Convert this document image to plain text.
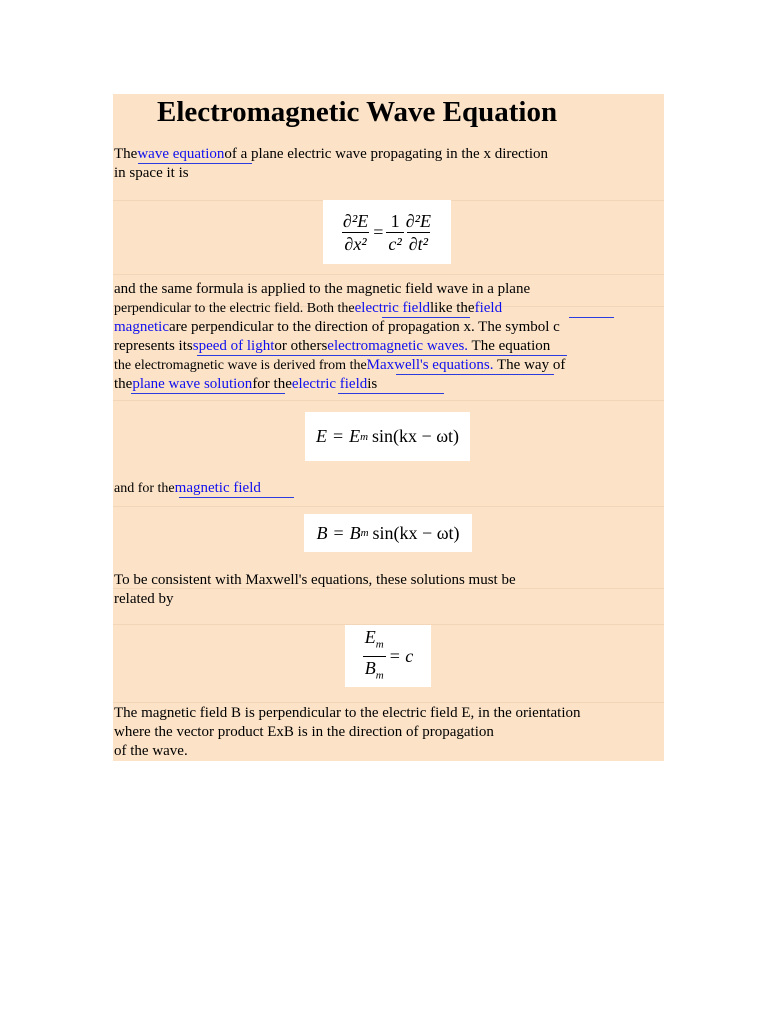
Electromagnetic Wave Equation
Thewave equationof a plane electric wave propagating in the x direction
in space it is
$\frac{\text{∂²E}}{\text{∂x²}} = \frac{1}{\text{c²}} \frac{\text{∂²E}}{\text{∂t²}}$
and the same formula is applied to the magnetic field wave in a plane
perpendicular to the electric field. Both theelectric fieldlike thefield
magneticare perpendicular to the direction of propagation x. The symbol c
represents itsspeed of lightor otherselectromagnetic waves. The equation
the electromagnetic wave is derived from theMaxwell's equations. The way of
theplane wave solutionfor theelectric fieldis
E = E m sin(kx − ωt)
and for themagnetic field
B = B m sin(kx − ωt)
To be consistent with Maxwell's equations, these solutions must be
related by
$\frac{E_m}{B_m} = c$
The magnetic field B is perpendicular to the electric field E, in the orientation
where the vector product ExB is in the direction of propagation
of the wave.
